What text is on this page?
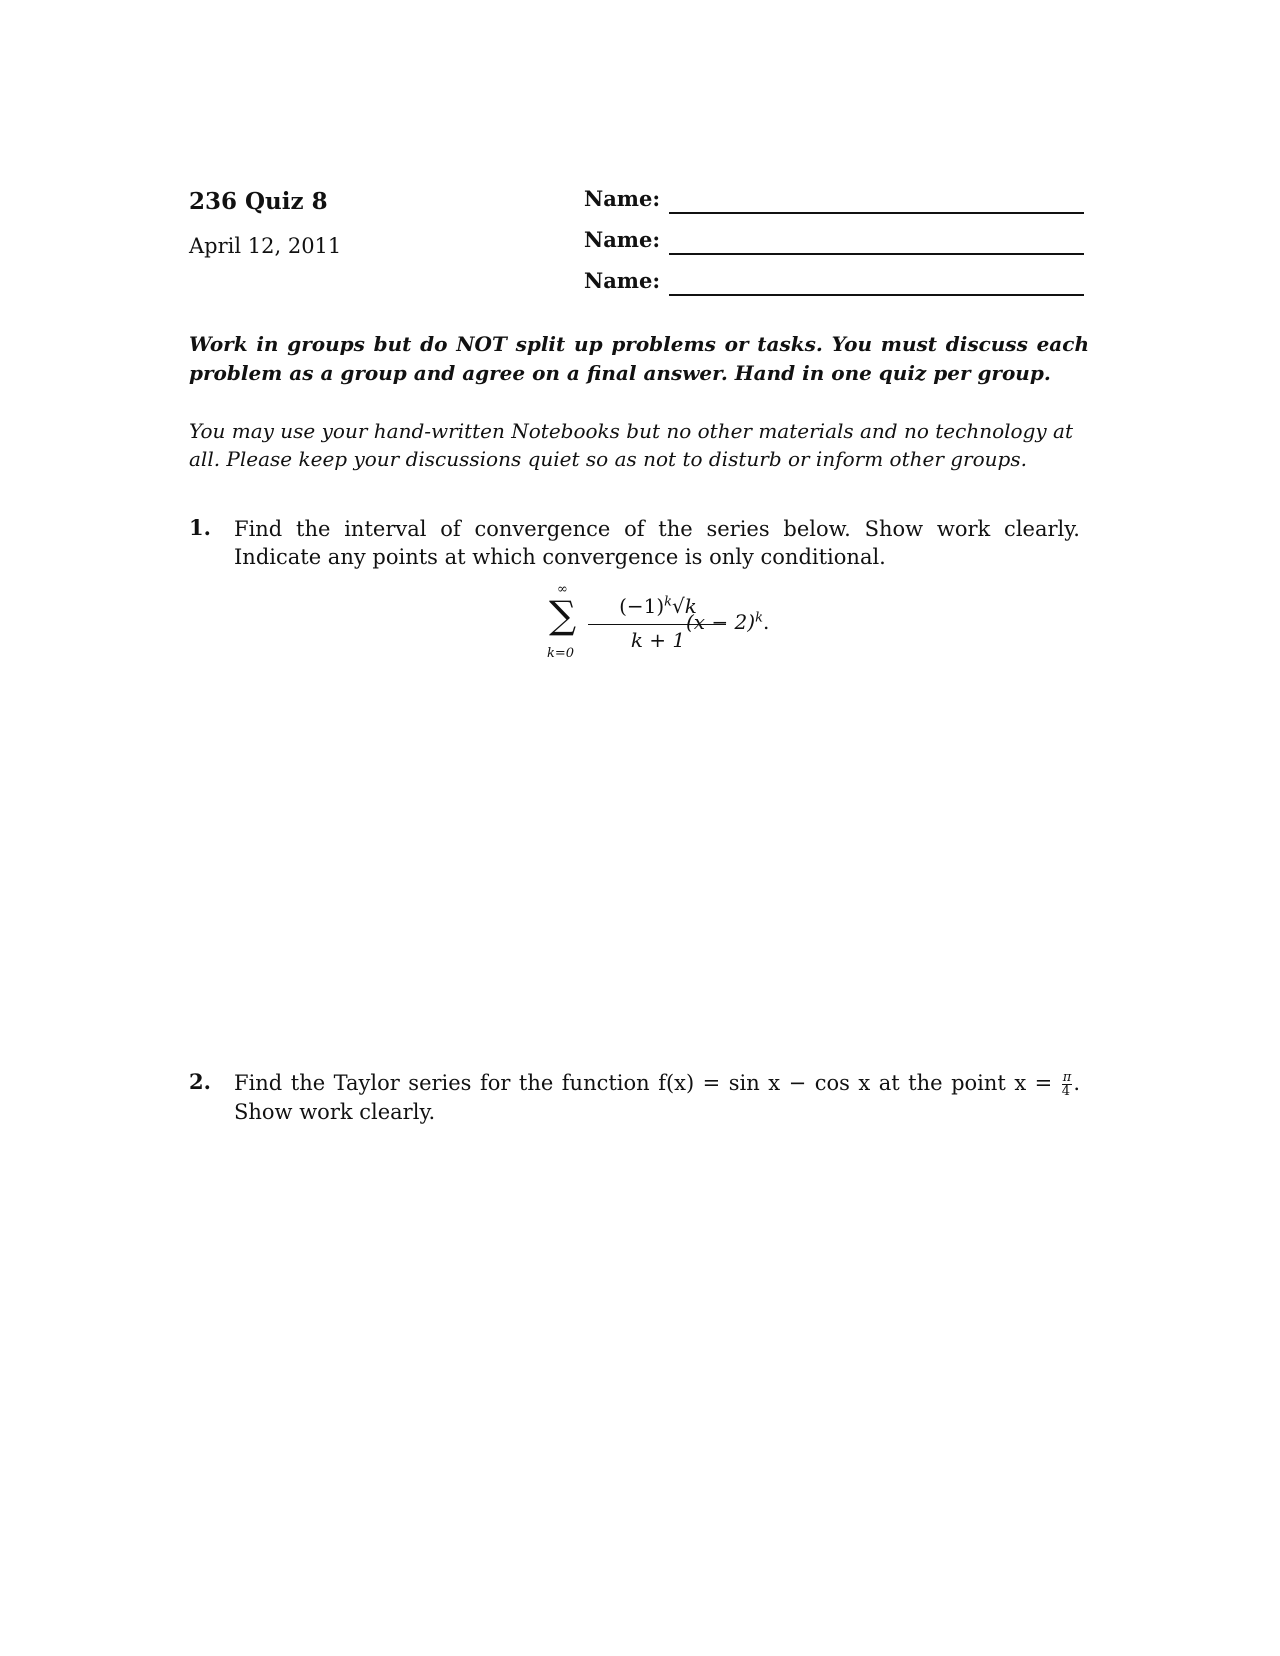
236 Quiz 8
April 12, 2011
Name:
Name:
Name:
Work in groups but do NOT split up problems or tasks. You must discuss each problem as a group and agree on a final answer. Hand in one quiz per group.
You may use your hand-written Notebooks but no other materials and no technology at all. Please keep your discussions quiet so as not to disturb or inform other groups.
1. Find the interval of convergence of the series below. Show work clearly. Indicate any points at which convergence is only conditional.
∞
∑
k=0
$(-1)^k√k$
k + 1
$(x - 2)^k$.
2. Find the Taylor series for the function f(x) = sin x − cos x at the point $x = \frac{\pi}{4}$ . Show work clearly.
